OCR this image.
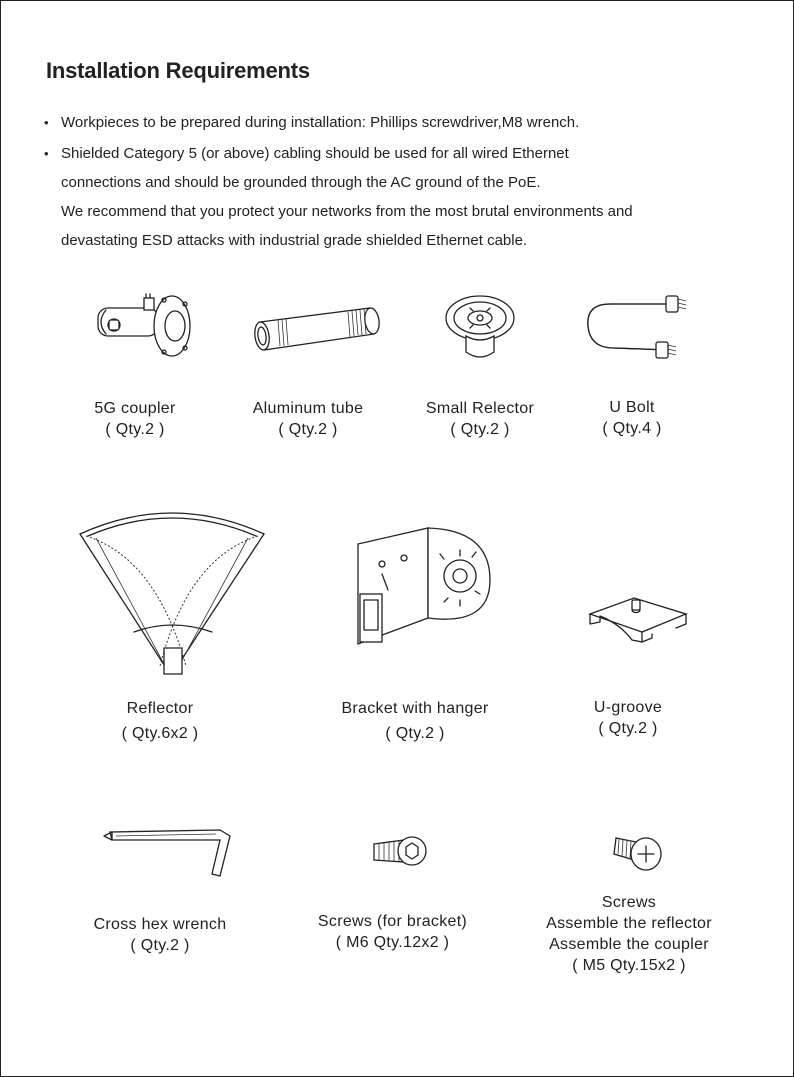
Installation Requirements
• Workpieces to be prepared during installation: Phillips screwdriver,M8 wrench.
• Shielded Category 5 (or above) cabling should be used for all wired Ethernet
connections and should be grounded through the AC ground of the PoE.
We recommend that you protect your networks from the most brutal environments and
devastating ESD attacks with industrial grade shielded Ethernet cable.
5G coupler
( Qty.2 )
Aluminum tube
( Qty.2 )
Small Relector
( Qty.2 )
U Bolt
( Qty.4 )
Reflector
( Qty.6x2 )
Bracket with hanger
( Qty.2 )
U-groove
( Qty.2 )
Cross hex wrench
( Qty.2 )
Screws (for bracket)
( M6 Qty.12x2 )
Screws
Assemble the reflector
Assemble the coupler
( M5 Qty.15x2 )
